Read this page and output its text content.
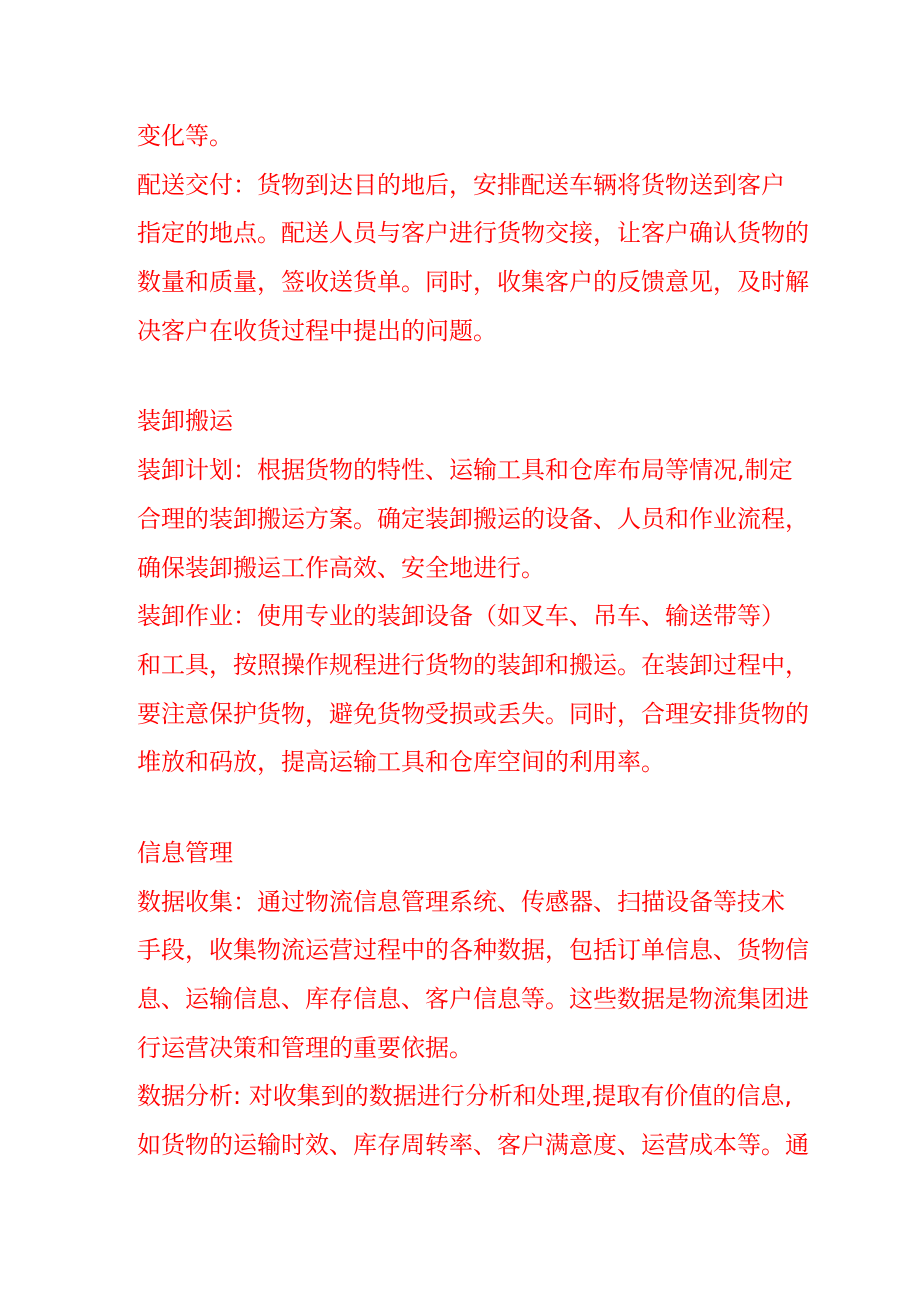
变化等。
配送交付：货物到达目的地后，安排配送车辆将货物送到客户
指定的地点。配送人员与客户进行货物交接，让客户确认货物的
数量和质量，签收送货单。同时，收集客户的反馈意见，及时解
决客户在收货过程中提出的问题。
装卸搬运
装卸计划：根据货物的特性、运输工具和仓库布局等情况,制定
合理的装卸搬运方案。确定装卸搬运的设备、人员和作业流程，
确保装卸搬运工作高效、安全地进行。
装卸作业：使用专业的装卸设备（如叉车、吊车、输送带等）
和工具，按照操作规程进行货物的装卸和搬运。在装卸过程中，
要注意保护货物，避免货物受损或丢失。同时，合理安排货物的
堆放和码放，提高运输工具和仓库空间的利用率。
信息管理
数据收集：通过物流信息管理系统、传感器、扫描设备等技术
手段，收集物流运营过程中的各种数据，包括订单信息、货物信
息、运输信息、库存信息、客户信息等。这些数据是物流集团进
行运营决策和管理的重要依据。
数据分析: 对收集到的数据进行分析和处理,提取有价值的信息,
如货物的运输时效、库存周转率、客户满意度、运营成本等。通
